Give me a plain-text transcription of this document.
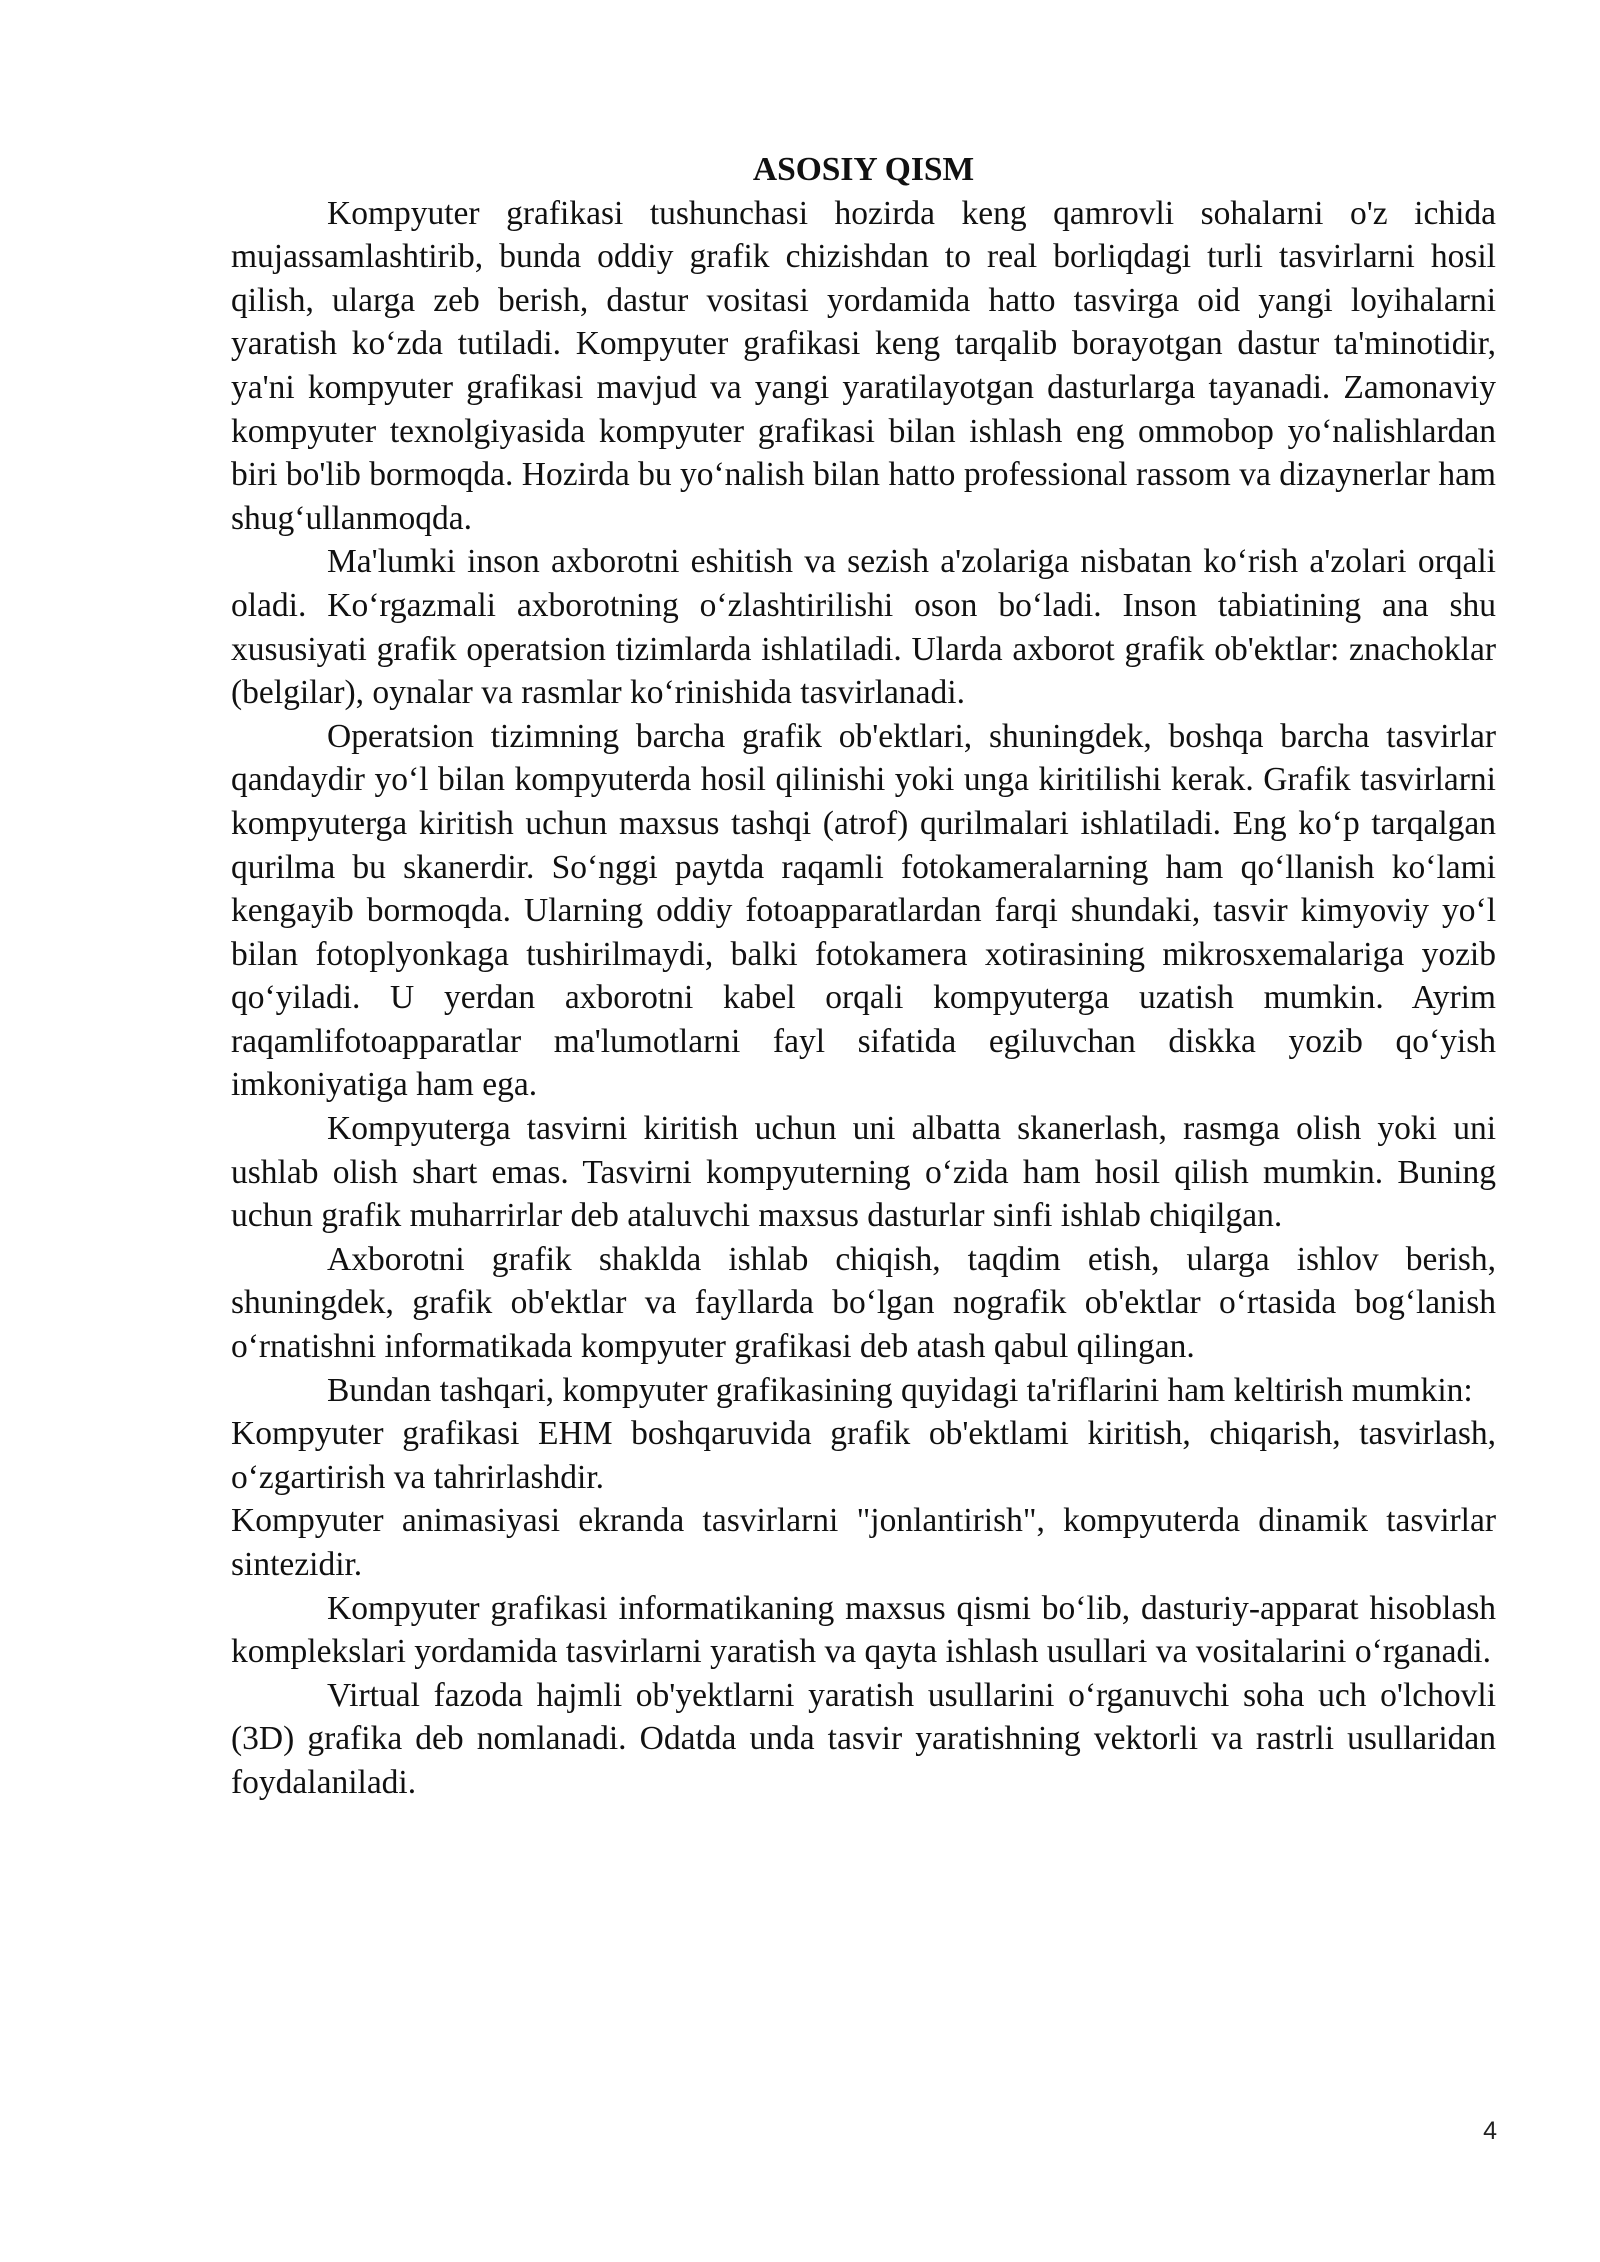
ASOSIY QISM

Kompyuter grafikasi tushunchasi hozirda keng qamrovli sohalarni o'z ichida mujassamlashtirib, bunda oddiy grafik chizishdan to real borliqdagi turli tasvirlarni hosil qilish, ularga zeb berish, dastur vositasi yordamida hatto tasvirga oid yangi loyihalarni yaratish ko‘zda tutiladi. Kompyuter grafikasi keng tarqalib borayotgan dastur ta'minotidir, ya'ni kompyuter grafikasi mavjud va yangi yaratilayotgan dasturlarga tayanadi. Zamonaviy kompyuter texnolgiyasida kompyuter grafikasi bilan ishlash eng ommobop yo‘nalishlardan biri bo'lib bormoqda. Hozirda bu yo‘nalish bilan hatto professional rassom va dizaynerlar ham shug‘ullanmoqda.

Ma'lumki inson axborotni eshitish va sezish a'zolariga nisbatan ko‘rish a'zolari orqali oladi. Ko‘rgazmali axborotning o‘zlashtirilishi oson bo‘ladi. Inson tabiatining ana shu xususiyati grafik operatsion tizimlarda ishlatiladi. Ularda axborot grafik ob'ektlar: znachoklar (belgilar), oynalar va rasmlar ko‘rinishida tasvirlanadi.

Operatsion tizimning barcha grafik ob'ektlari, shuningdek, boshqa barcha tasvirlar qandaydir yo‘l bilan kompyuterda hosil qilinishi yoki unga kiritilishi kerak. Grafik tasvirlarni kompyuterga kiritish uchun maxsus tashqi (atrof) qurilmalari ishlatiladi. Eng ko‘p tarqalgan qurilma bu skanerdir. So‘nggi paytda raqamli fotokameralarning ham qo‘llanish ko‘lami kengayib bormoqda. Ularning oddiy fotoapparatlardan farqi shundaki, tasvir kimyoviy yo‘l bilan fotoplyonkaga tushirilmaydi, balki fotokamera xotirasining mikrosxemalariga yozib qo‘yiladi. U yerdan axborotni kabel orqali kompyuterga uzatish mumkin. Ayrim raqamlifotoapparatlar ma'lumotlarni fayl sifatida egiluvchan diskka yozib qo‘yish imkoniyatiga ham ega.

Kompyuterga tasvirni kiritish uchun uni albatta skanerlash, rasmga olish yoki uni ushlab olish shart emas. Tasvirni kompyuterning o‘zida ham hosil qilish mumkin. Buning uchun grafik muharrirlar deb ataluvchi maxsus dasturlar sinfi ishlab chiqilgan.

Axborotni grafik shaklda ishlab chiqish, taqdim etish, ularga ishlov berish, shuningdek, grafik ob'ektlar va fayllarda bo‘lgan nografik ob'ektlar o‘rtasida bog‘lanish o‘rnatishni informatikada kompyuter grafikasi deb atash qabul qilingan.

Bundan tashqari, kompyuter grafikasining quyidagi ta'riflarini ham keltirish mumkin:

Kompyuter grafikasi EHM boshqaruvida grafik ob'ektlami kiritish, chiqarish, tasvirlash, o‘zgartirish va tahrirlashdir.

Kompyuter animasiyasi ekranda tasvirlarni "jonlantirish", kompyuterda dinamik tasvirlar sintezidir.

Kompyuter grafikasi informatikaning maxsus qismi bo‘lib, dasturiy-apparat hisoblash komplekslari yordamida tasvirlarni yaratish va qayta ishlash usullari va vositalarini o‘rganadi.

Virtual fazoda hajmli ob'yektlarni yaratish usullarini o‘rganuvchi soha uch o'lchovli (3D) grafika deb nomlanadi. Odatda unda tasvir yaratishning vektorli va rastrli usullaridan foydalaniladi.

4
